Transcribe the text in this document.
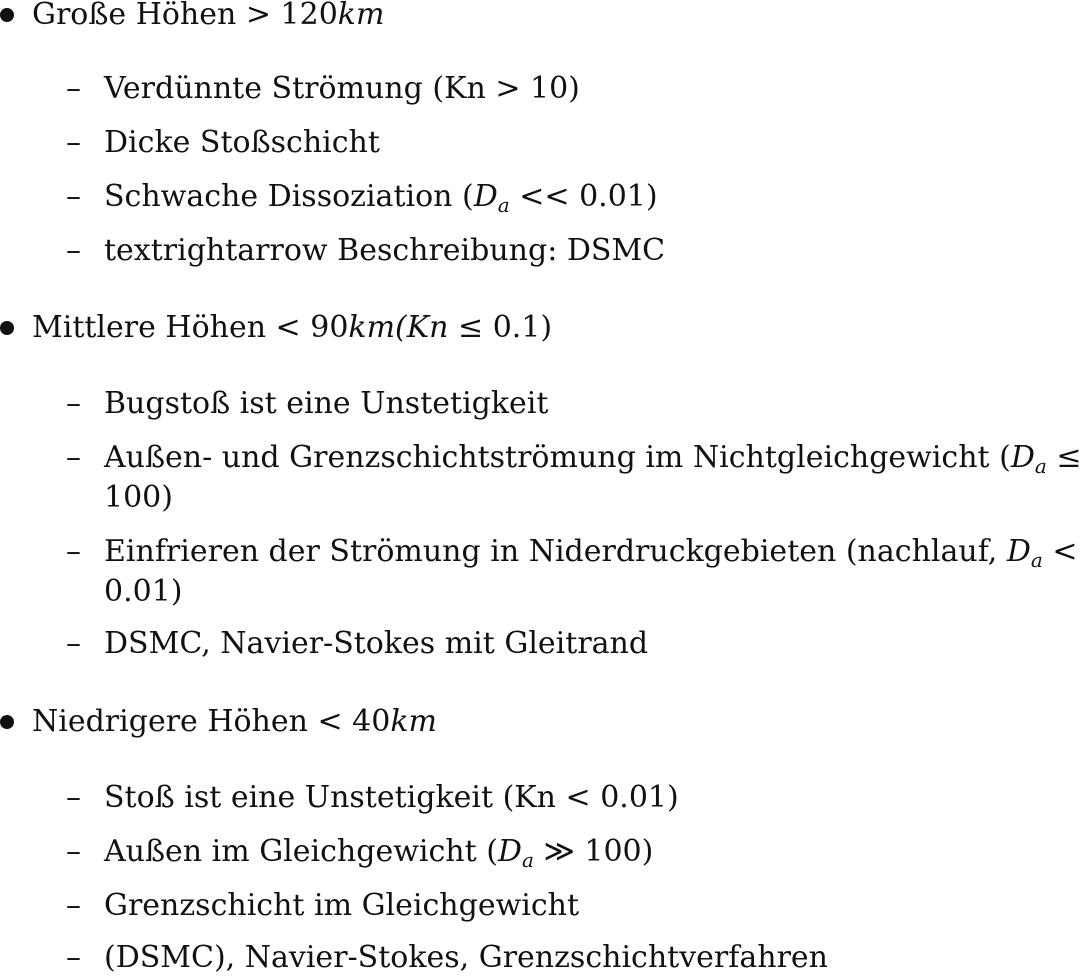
Große Höhen > 120km
– Verdünnte Strömung (Kn > 10)
– Dicke Stoßschicht
– Schwache Dissoziation $(D_a << 0.01)$
– textrightarrow Beschreibung: DSMC
Mittlere Höhen < 90km(Kn ≤ 0.1)
– Bugstoß ist eine Unstetigkeit
– Außen- und Grenzschichtströmung im Nichtgleichgewicht ($D_a$ ≤
100)
– Einfrieren der Strömung in Niderdruckgebieten (nachlauf, $D_a$ <
0.01)
– DSMC, Navier-Stokes mit Gleitrand
Niedrigere Höhen < 40km
– Stoß ist eine Unstetigkeit (Kn < 0.01)
– Außen im Gleichgewicht ($D_a$ ≫ 100)
– Grenzschicht im Gleichgewicht
– (DSMC), Navier-Stokes, Grenzschichtverfahren
